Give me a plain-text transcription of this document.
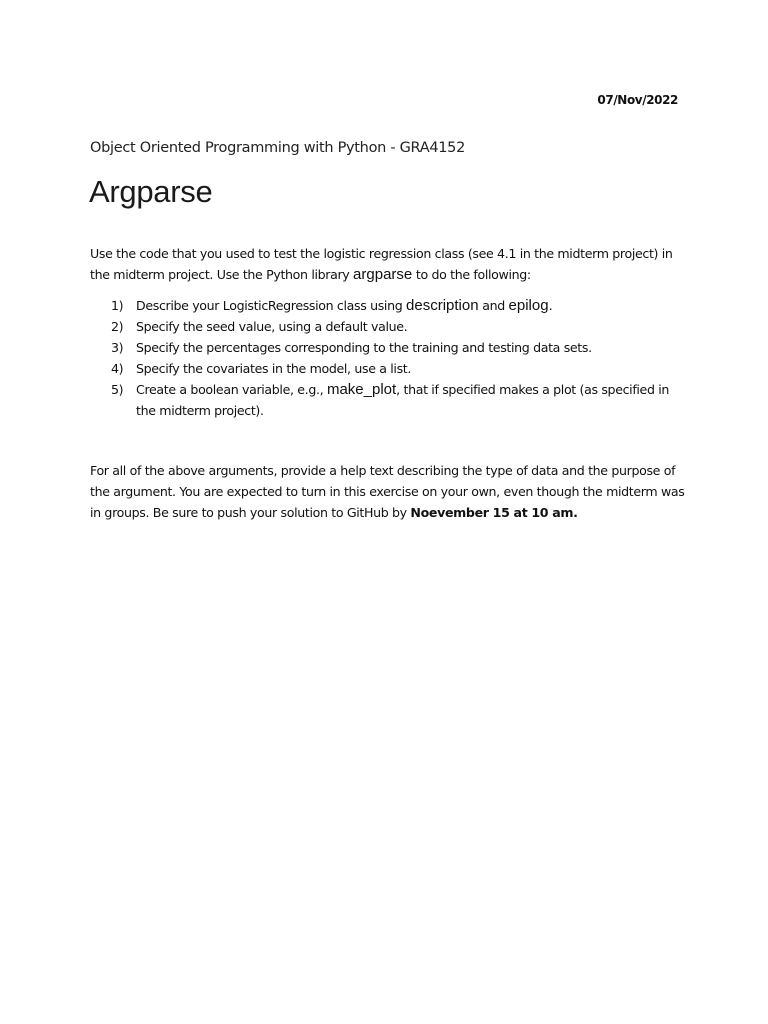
07/Nov/2022
Object Oriented Programming with Python - GRA4152
Argparse

Use the code that you used to test the logistic regression class (see 4.1 in the midterm project) in the midterm project. Use the Python library argparse to do the following:

1) Describe your LogisticRegression class using description and epilog.
2) Specify the seed value, using a default value.
3) Specify the percentages corresponding to the training and testing data sets.
4) Specify the covariates in the model, use a list.
5) Create a boolean variable, e.g., make_plot, that if specified makes a plot (as specified in the midterm project).

For all of the above arguments, provide a help text describing the type of data and the purpose of the argument. You are expected to turn in this exercise on your own, even though the midterm was in groups. Be sure to push your solution to GitHub by Noevember 15 at 10 am.
